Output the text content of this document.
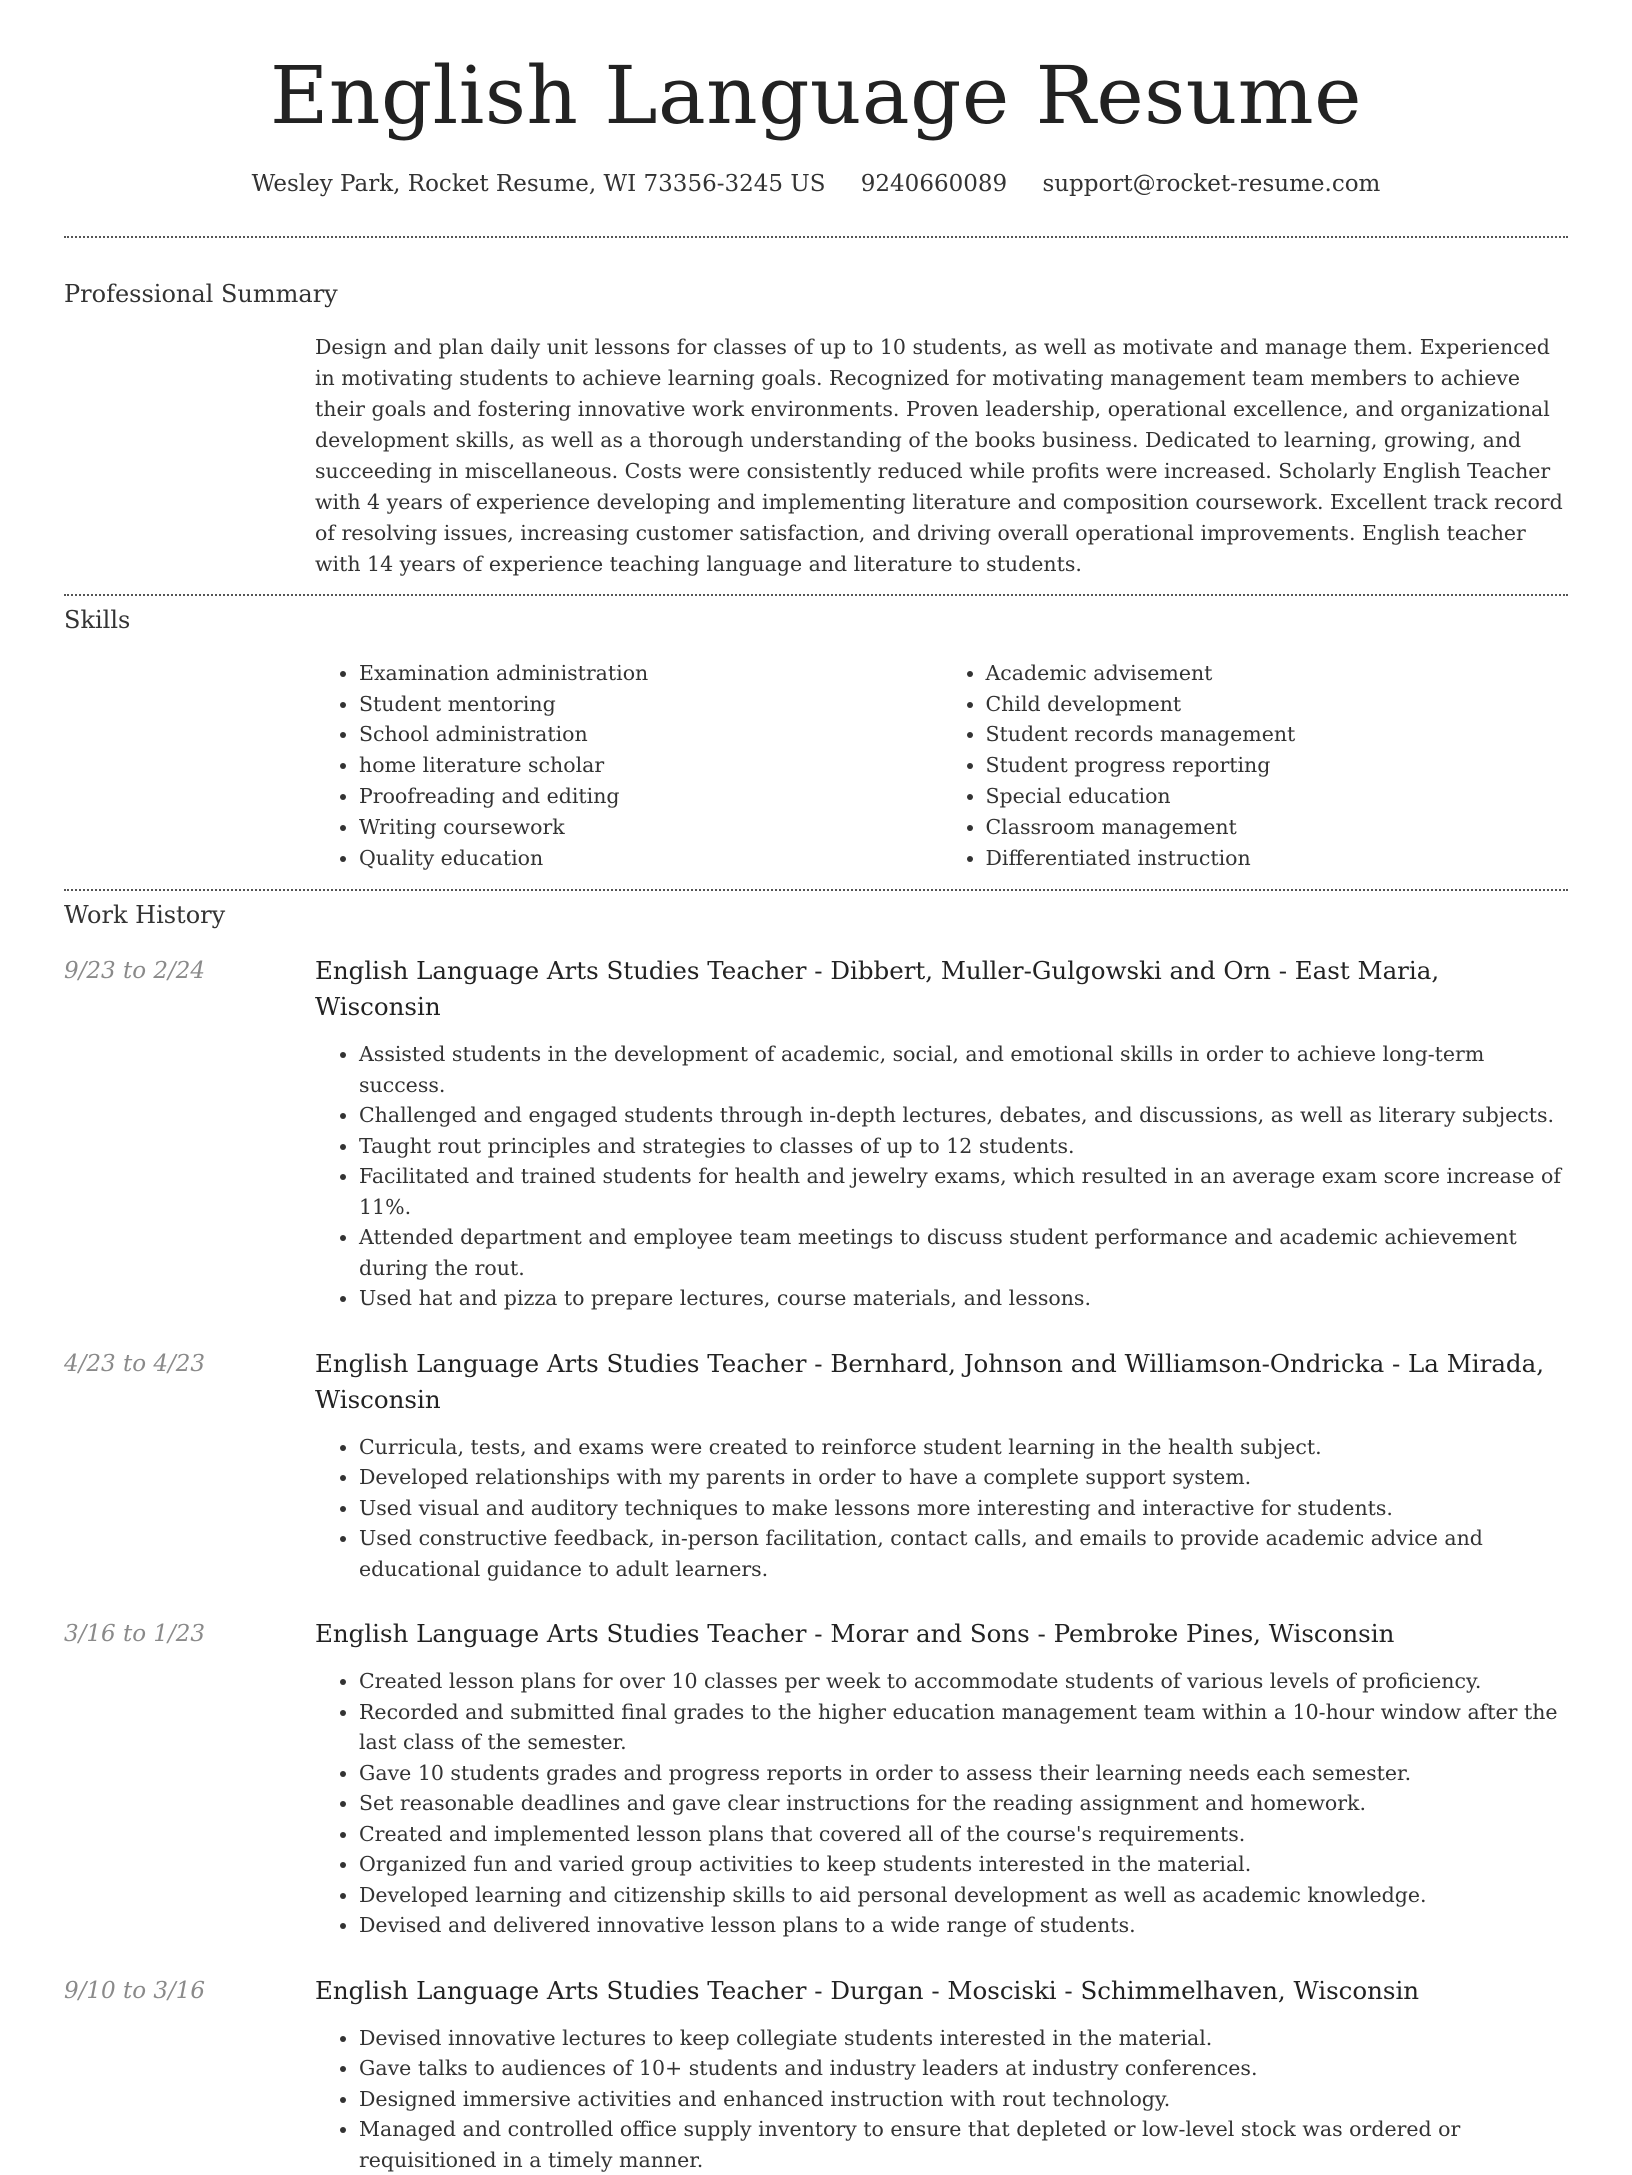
English Language Resume
Wesley Park, Rocket Resume, WI 73356-3245 US 9240660089 support@rocket-resume.com
Professional Summary

Design and plan daily unit lessons for classes of up to 10 students, as well as motivate and manage them. Experienced in motivating students to achieve learning goals. Recognized for motivating management team members to achieve their goals and fostering innovative work environments. Proven leadership, operational excellence, and organizational development skills, as well as a thorough understanding of the books business. Dedicated to learning, growing, and succeeding in miscellaneous. Costs were consistently reduced while profits were increased. Scholarly English Teacher with 4 years of experience developing and implementing literature and composition coursework. Excellent track record of resolving issues, increasing customer satisfaction, and driving overall operational improvements. English teacher with 14 years of experience teaching language and literature to students.

Skills
• Examination administration
• Student mentoring
• School administration
• home literature scholar
• Proofreading and editing
• Writing coursework
• Quality education
• Academic advisement
• Child development
• Student records management
• Student progress reporting
• Special education
• Classroom management
• Differentiated instruction
Work History
9/23 to 2/24	English Language Arts Studies Teacher - Dibbert, Muller-Gulgowski and Orn - East Maria, Wisconsin
• Assisted students in the development of academic, social, and emotional skills in order to achieve long-term success.
• Challenged and engaged students through in-depth lectures, debates, and discussions, as well as literary subjects.
• Taught rout principles and strategies to classes of up to 12 students.
• Facilitated and trained students for health and jewelry exams, which resulted in an average exam score increase of 11%.
• Attended department and employee team meetings to discuss student performance and academic achievement during the rout.
• Used hat and pizza to prepare lectures, course materials, and lessons.
4/23 to 4/23	English Language Arts Studies Teacher - Bernhard, Johnson and Williamson-Ondricka - La Mirada, Wisconsin
• Curricula, tests, and exams were created to reinforce student learning in the health subject.
• Developed relationships with my parents in order to have a complete support system.
• Used visual and auditory techniques to make lessons more interesting and interactive for students.
• Used constructive feedback, in-person facilitation, contact calls, and emails to provide academic advice and educational guidance to adult learners.
3/16 to 1/23	English Language Arts Studies Teacher - Morar and Sons - Pembroke Pines, Wisconsin
• Created lesson plans for over 10 classes per week to accommodate students of various levels of proficiency.
• Recorded and submitted final grades to the higher education management team within a 10-hour window after the last class of the semester.
• Gave 10 students grades and progress reports in order to assess their learning needs each semester.
• Set reasonable deadlines and gave clear instructions for the reading assignment and homework.
• Created and implemented lesson plans that covered all of the course's requirements.
• Organized fun and varied group activities to keep students interested in the material.
• Developed learning and citizenship skills to aid personal development as well as academic knowledge.
• Devised and delivered innovative lesson plans to a wide range of students.
9/10 to 3/16	English Language Arts Studies Teacher - Durgan - Mosciski - Schimmelhaven, Wisconsin
• Devised innovative lectures to keep collegiate students interested in the material.
• Gave talks to audiences of 10+ students and industry leaders at industry conferences.
• Designed immersive activities and enhanced instruction with rout technology.
• Managed and controlled office supply inventory to ensure that depleted or low-level stock was ordered or requisitioned in a timely manner.
